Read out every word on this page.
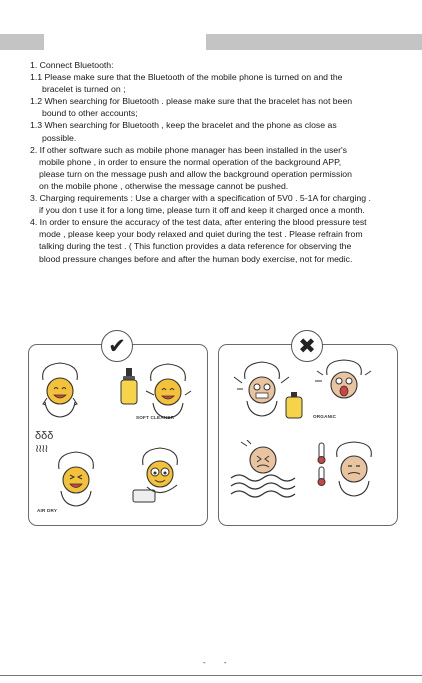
1. Connect Bluetooth:
1.1 Please make sure that the Bluetooth of the mobile phone is turned on and the
bracelet is turned on ;
1.2 When searching for Bluetooth . please make sure that the bracelet has not been
bound to other accounts;
1.3 When searching for Bluetooth , keep the bracelet and the phone as close as
possible.
2. If other software such as mobile phone manager has been installed in the user's
mobile phone , in order to ensure the normal operation of the background APP,
please turn on the message push and allow the background operation permission
on the mobile phone , otherwise the message cannot be pushed.
3. Charging requirements : Use a charger with a specification of 5V0 . 5-1A for charging .
if you don t use it for a long time, please turn it off and keep it charged once a month.
4. In order to ensure the accuracy of the test data, after entering the blood pressure test
mode , please keep your body relaxed and quiet during the test . Please refrain from
talking during the test . ( This function provides a data reference for observing the
blood pressure changes before and after the human body exercise, not for medic.
✔
SOFT CLEANER
δδδ
≀≀≀≀
AIR DRY
✖
ORGANIC
- -
